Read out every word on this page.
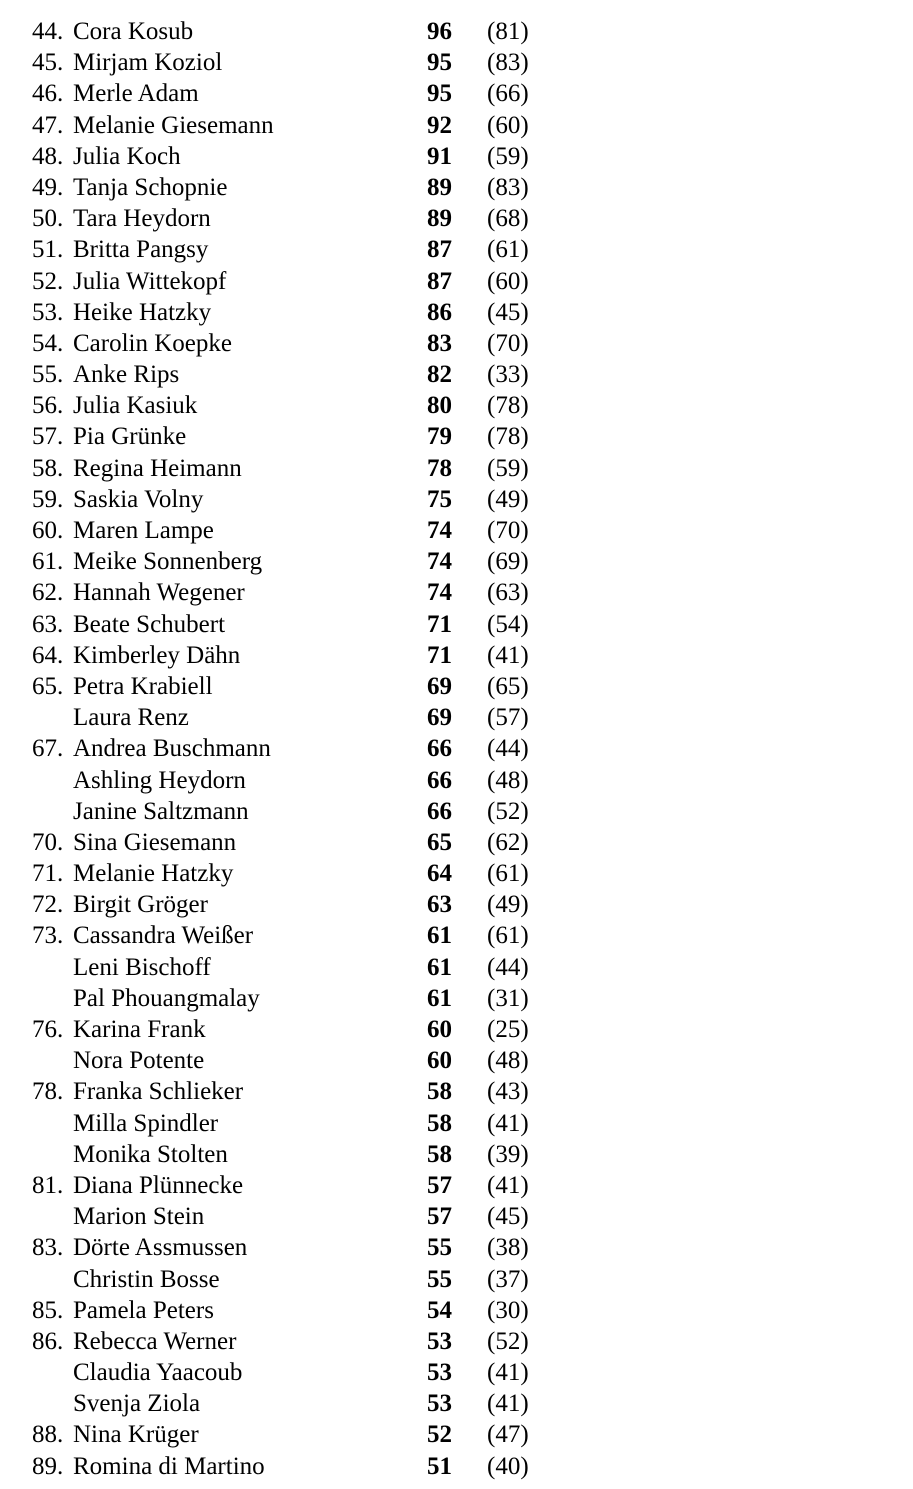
44. Cora Kosub	96 (81)
45. Mirjam Koziol	95 (83)
46. Merle Adam	95 (66)
47. Melanie Giesemann	92 (60)
48. Julia Koch	91 (59)
49. Tanja Schopnie	89 (83)
50. Tara Heydorn	89 (68)
51. Britta Pangsy	87 (61)
52. Julia Wittekopf	87 (60)
53. Heike Hatzky	86 (45)
54. Carolin Koepke	83 (70)
55. Anke Rips	82 (33)
56. Julia Kasiuk	80 (78)
57. Pia Grünke	79 (78)
58. Regina Heimann	78 (59)
59. Saskia Volny	75 (49)
60. Maren Lampe	74 (70)
61. Meike Sonnenberg	74 (69)
62. Hannah Wegener	74 (63)
63. Beate Schubert	71 (54)
64. Kimberley Dähn	71 (41)
65. Petra Krabiell	69 (65)
Laura Renz	69 (57)
67. Andrea Buschmann	66 (44)
Ashling Heydorn	66 (48)
Janine Saltzmann	66 (52)
70. Sina Giesemann	65 (62)
71. Melanie Hatzky	64 (61)
72. Birgit Gröger	63 (49)
73. Cassandra Weißer	61 (61)
Leni Bischoff	61 (44)
Pal Phouangmalay	61 (31)
76. Karina Frank	60 (25)
Nora Potente	60 (48)
78. Franka Schlieker	58 (43)
Milla Spindler	58 (41)
Monika Stolten	58 (39)
81. Diana Plünnecke	57 (41)
Marion Stein	57 (45)
83. Dörte Assmussen	55 (38)
Christin Bosse	55 (37)
85. Pamela Peters	54 (30)
86. Rebecca Werner	53 (52)
Claudia Yaacoub	53 (41)
Svenja Ziola	53 (41)
88. Nina Krüger	52 (47)
89. Romina di Martino	51 (40)
